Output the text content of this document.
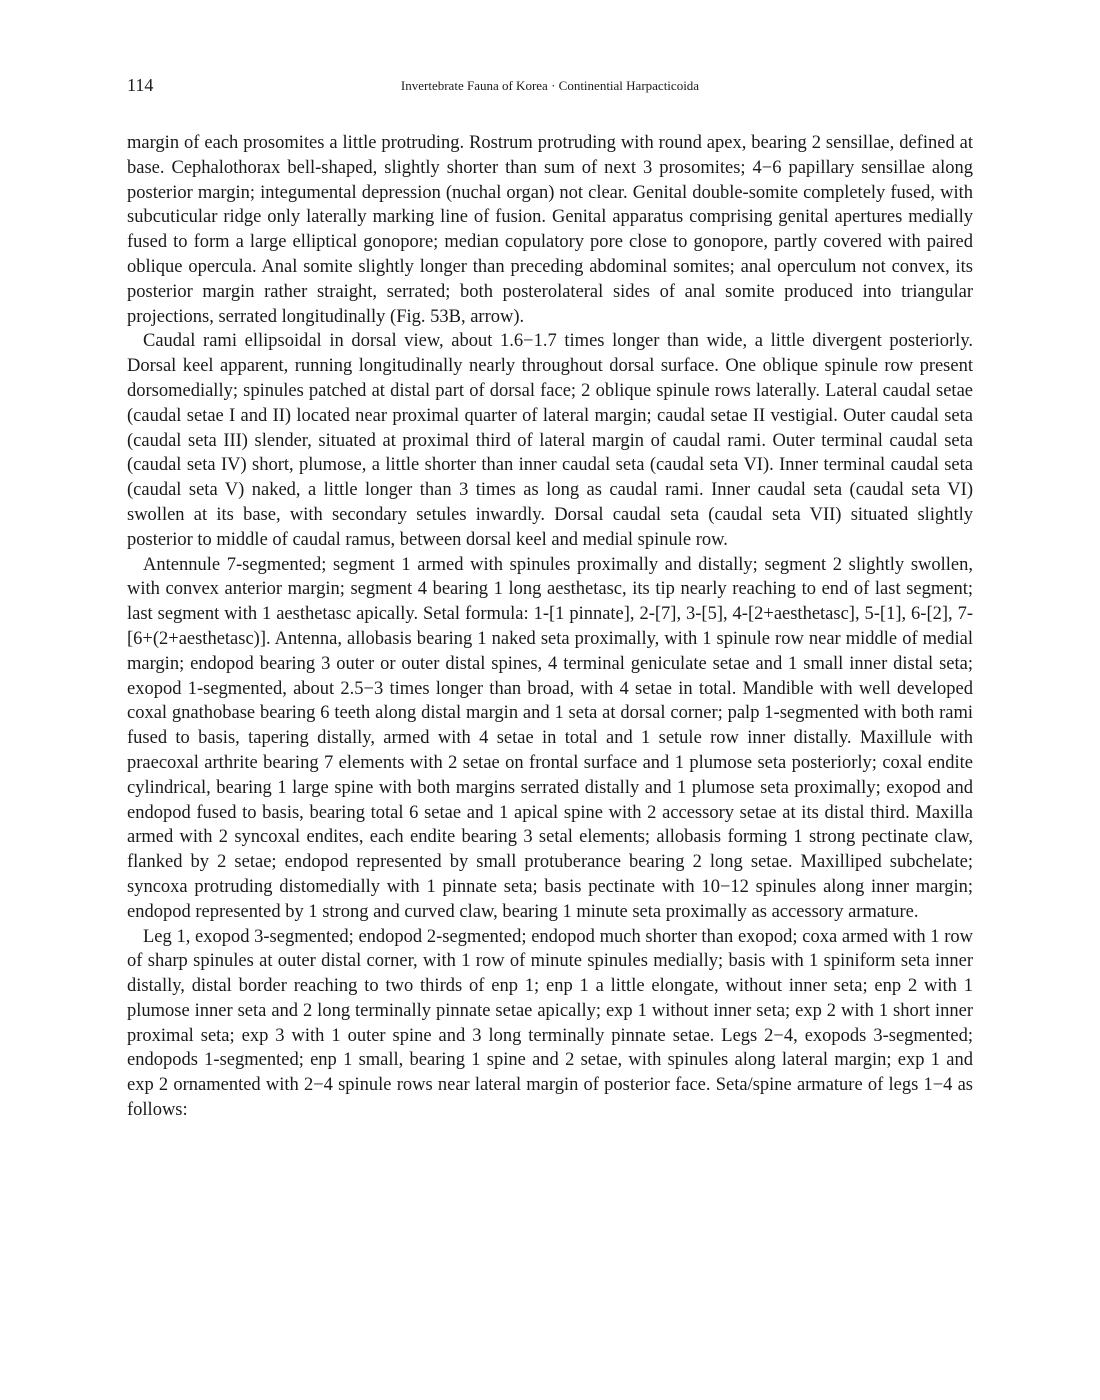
114	Invertebrate Fauna of Korea · Continential Harpacticoida

margin of each prosomites a little protruding. Rostrum protruding with round apex, bearing 2 sensillae, defined at base. Cephalothorax bell-shaped, slightly shorter than sum of next 3 prosomites; 4−6 papillary sensillae along posterior margin; integumental depression (nuchal organ) not clear. Genital double-somite completely fused, with subcuticular ridge only laterally marking line of fusion. Genital apparatus comprising genital apertures medially fused to form a large elliptical gonopore; median copulatory pore close to gonopore, partly covered with paired oblique opercula. Anal somite slightly longer than preceding abdominal somites; anal operculum not convex, its posterior margin rather straight, serrated; both posterolateral sides of anal somite produced into triangular projections, serrated longitudinally (Fig. 53B, arrow).

Caudal rami ellipsoidal in dorsal view, about 1.6−1.7 times longer than wide, a little divergent posteriorly. Dorsal keel apparent, running longitudinally nearly throughout dorsal surface. One oblique spinule row present dorsomedially; spinules patched at distal part of dorsal face; 2 oblique spinule rows laterally. Lateral caudal setae (caudal setae I and II) located near proximal quarter of lateral margin; caudal setae II vestigial. Outer caudal seta (caudal seta III) slender, situated at proximal third of lateral margin of caudal rami. Outer terminal caudal seta (caudal seta IV) short, plumose, a little shorter than inner caudal seta (caudal seta VI). Inner terminal caudal seta (caudal seta V) naked, a little longer than 3 times as long as caudal rami. Inner caudal seta (caudal seta VI) swollen at its base, with secondary setules inwardly. Dorsal caudal seta (caudal seta VII) situated slightly posterior to middle of caudal ramus, between dorsal keel and medial spinule row.

Antennule 7-segmented; segment 1 armed with spinules proximally and distally; segment 2 slightly swollen, with convex anterior margin; segment 4 bearing 1 long aesthetasc, its tip nearly reaching to end of last segment; last segment with 1 aesthetasc apically. Setal formula: 1-[1 pinnate], 2-[7], 3-[5], 4-[2+aesthetasc], 5-[1], 6-[2], 7-[6+(2+aesthetasc)]. Antenna, allobasis bearing 1 naked seta proximally, with 1 spinule row near middle of medial margin; endopod bearing 3 outer or outer distal spines, 4 terminal geniculate setae and 1 small inner distal seta; exopod 1-segmented, about 2.5−3 times longer than broad, with 4 setae in total. Mandible with well developed coxal gnathobase bearing 6 teeth along distal margin and 1 seta at dorsal corner; palp 1-segmented with both rami fused to basis, tapering distally, armed with 4 setae in total and 1 setule row inner distally. Maxillule with praecoxal arthrite bearing 7 elements with 2 setae on frontal surface and 1 plumose seta posteriorly; coxal endite cylindrical, bearing 1 large spine with both margins serrated distally and 1 plumose seta proximally; exopod and endopod fused to basis, bearing total 6 setae and 1 apical spine with 2 accessory setae at its distal third. Maxilla armed with 2 syncoxal endites, each endite bearing 3 setal elements; allobasis forming 1 strong pectinate claw, flanked by 2 setae; endopod represented by small protuberance bearing 2 long setae. Maxilliped subchelate; syncoxa protruding distomedially with 1 pinnate seta; basis pectinate with 10−12 spinules along inner margin; endopod represented by 1 strong and curved claw, bearing 1 minute seta proximally as accessory armature.

Leg 1, exopod 3-segmented; endopod 2-segmented; endopod much shorter than exopod; coxa armed with 1 row of sharp spinules at outer distal corner, with 1 row of minute spinules medially; basis with 1 spiniform seta inner distally, distal border reaching to two thirds of enp 1; enp 1 a little elongate, without inner seta; enp 2 with 1 plumose inner seta and 2 long terminally pinnate setae apically; exp 1 without inner seta; exp 2 with 1 short inner proximal seta; exp 3 with 1 outer spine and 3 long terminally pinnate setae. Legs 2−4, exopods 3-segmented; endopods 1-segmented; enp 1 small, bearing 1 spine and 2 setae, with spinules along lateral margin; exp 1 and exp 2 ornamented with 2−4 spinule rows near lateral margin of posterior face. Seta/spine armature of legs 1−4 as follows:
